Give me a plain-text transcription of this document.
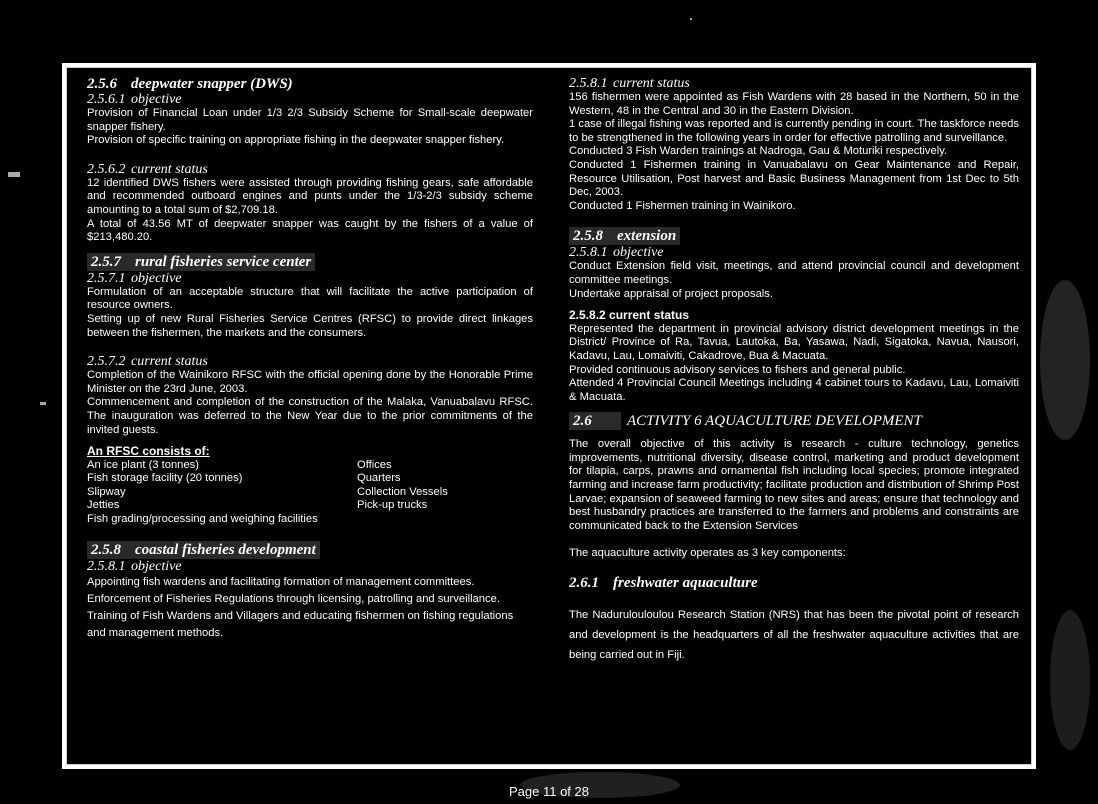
2.5.6 deepwater snapper (DWS)
2.5.6.1 objective

Provision of Financial Loan under 1/3 2/3 Subsidy Scheme for Small-scale deepwater snapper fishery.

Provision of specific training on appropriate fishing in the deepwater snapper fishery.

2.5.6.2 current status

12 identified DWS fishers were assisted through providing fishing gears, safe affordable and recommended outboard engines and punts under the 1/3-2/3 subsidy scheme amounting to a total sum of $2,709.18.

A total of 43.56 MT of deepwater snapper was caught by the fishers of a value of $213,480.20.

2.5.7 rural fisheries service center
2.5.7.1 objective

Formulation of an acceptable structure that will facilitate the active participation of resource owners.

Setting up of new Rural Fisheries Service Centres (RFSC) to provide direct linkages between the fishermen, the markets and the consumers.

2.5.7.2 current status

Completion of the Wainikoro RFSC with the official opening done by the Honorable Prime Minister on the 23rd June, 2003.

Commencement and completion of the construction of the Malaka, Vanuabalavu RFSC. The inauguration was deferred to the New Year due to the prior commitments of the invited guests.

An RFSC consists of:
An ice plant (3 tonnes)
Fish storage facility (20 tonnes)
Slipway
Jetties
Fish grading/processing and weighing facilities
Offices
Quarters
Collection Vessels
Pick-up trucks
2.5.8 coastal fisheries development
2.5.8.1 objective

Appointing fish wardens and facilitating formation of management committees.

Enforcement of Fisheries Regulations through licensing, patrolling and surveillance.

Training of Fish Wardens and Villagers and educating fishermen on fishing regulations and management methods.

2.5.8.1 current status

156 fishermen were appointed as Fish Wardens with 28 based in the Northern, 50 in the Western, 48 in the Central and 30 in the Eastern Division.

1 case of illegal fishing was reported and is currently pending in court. The taskforce needs to be strengthened in the following years in order for effective patrolling and surveillance.

Conducted 3 Fish Warden trainings at Nadroga, Gau & Moturiki respectively.

Conducted 1 Fishermen training in Vanuabalavu on Gear Maintenance and Repair, Resource Utilisation, Post harvest and Basic Business Management from 1st Dec to 5th Dec, 2003.

Conducted 1 Fishermen training in Wainikoro.

2.5.8 extension
2.5.8.1 objective

Conduct Extension field visit, meetings, and attend provincial council and development committee meetings.

Undertake appraisal of project proposals.

2.5.8.2 current status

Represented the department in provincial advisory district development meetings in the District/ Province of Ra, Tavua, Lautoka, Ba, Yasawa, Nadi, Sigatoka, Navua, Nausori, Kadavu, Lau, Lomaiviti, Cakadrove, Bua & Macuata.

Provided continuous advisory services to fishers and general public.

Attended 4 Provincial Council Meetings including 4 cabinet tours to Kadavu, Lau, Lomaiviti & Macuata.

2.6 ACTIVITY 6 AQUACULTURE DEVELOPMENT

The overall objective of this activity is research - culture technology, genetics improvements, nutritional diversity, disease control, marketing and product development for tilapia, carps, prawns and ornamental fish including local species; promote integrated farming and increase farm productivity; facilitate production and distribution of Shrimp Post Larvae; expansion of seaweed farming to new sites and areas; ensure that technology and best husbandry practices are transferred to the farmers and problems and constraints are communicated back to the Extension Services

The aquaculture activity operates as 3 key components:

2.6.1 freshwater aquaculture

The Nadurulouloulou Research Station (NRS) that has been the pivotal point of research and development is the headquarters of all the freshwater aquaculture activities that are being carried out in Fiji.

Page 11 of 28
